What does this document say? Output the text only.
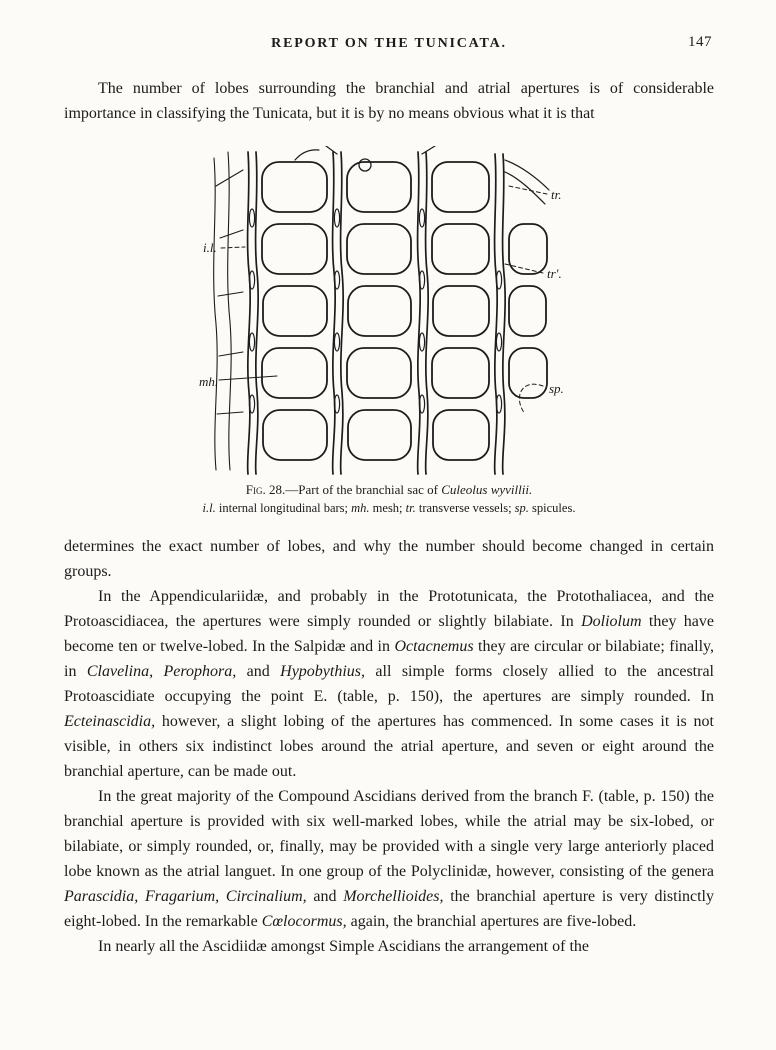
REPORT ON THE TUNICATA.	147

The number of lobes surrounding the branchial and atrial apertures is of considerable importance in classifying the Tunicata, but it is by no means obvious what it is that

i.l.
mh.
tr.
tr'.
sp.
Fig. 28.—Part of the branchial sac of Culeolus wyvillii.
i.l. internal longitudinal bars; mh. mesh; tr. transverse vessels; sp. spicules.

determines the exact number of lobes, and why the number should become changed in certain groups.

In the Appendiculariidæ, and probably in the Prototunicata, the Protothaliacea, and the Protoascidiacea, the apertures were simply rounded or slightly bilabiate. In Doliolum they have become ten or twelve-lobed. In the Salpidæ and in Octacnemus they are circular or bilabiate; finally, in Clavelina, Perophora, and Hypobythius, all simple forms closely allied to the ancestral Protoascidiate occupying the point E. (table, p. 150), the apertures are simply rounded. In Ecteinascidia, however, a slight lobing of the apertures has commenced. In some cases it is not visible, in others six indistinct lobes around the atrial aperture, and seven or eight around the branchial aperture, can be made out.

In the great majority of the Compound Ascidians derived from the branch F. (table, p. 150) the branchial aperture is provided with six well-marked lobes, while the atrial may be six-lobed, or bilabiate, or simply rounded, or, finally, may be provided with a single very large anteriorly placed lobe known as the atrial languet. In one group of the Polyclinidæ, however, consisting of the genera Parascidia, Fragarium, Circinalium, and Morchellioides, the branchial aperture is very distinctly eight-lobed. In the remarkable Cœlocormus, again, the branchial apertures are five-lobed.

In nearly all the Ascidiidæ amongst Simple Ascidians the arrangement of the
